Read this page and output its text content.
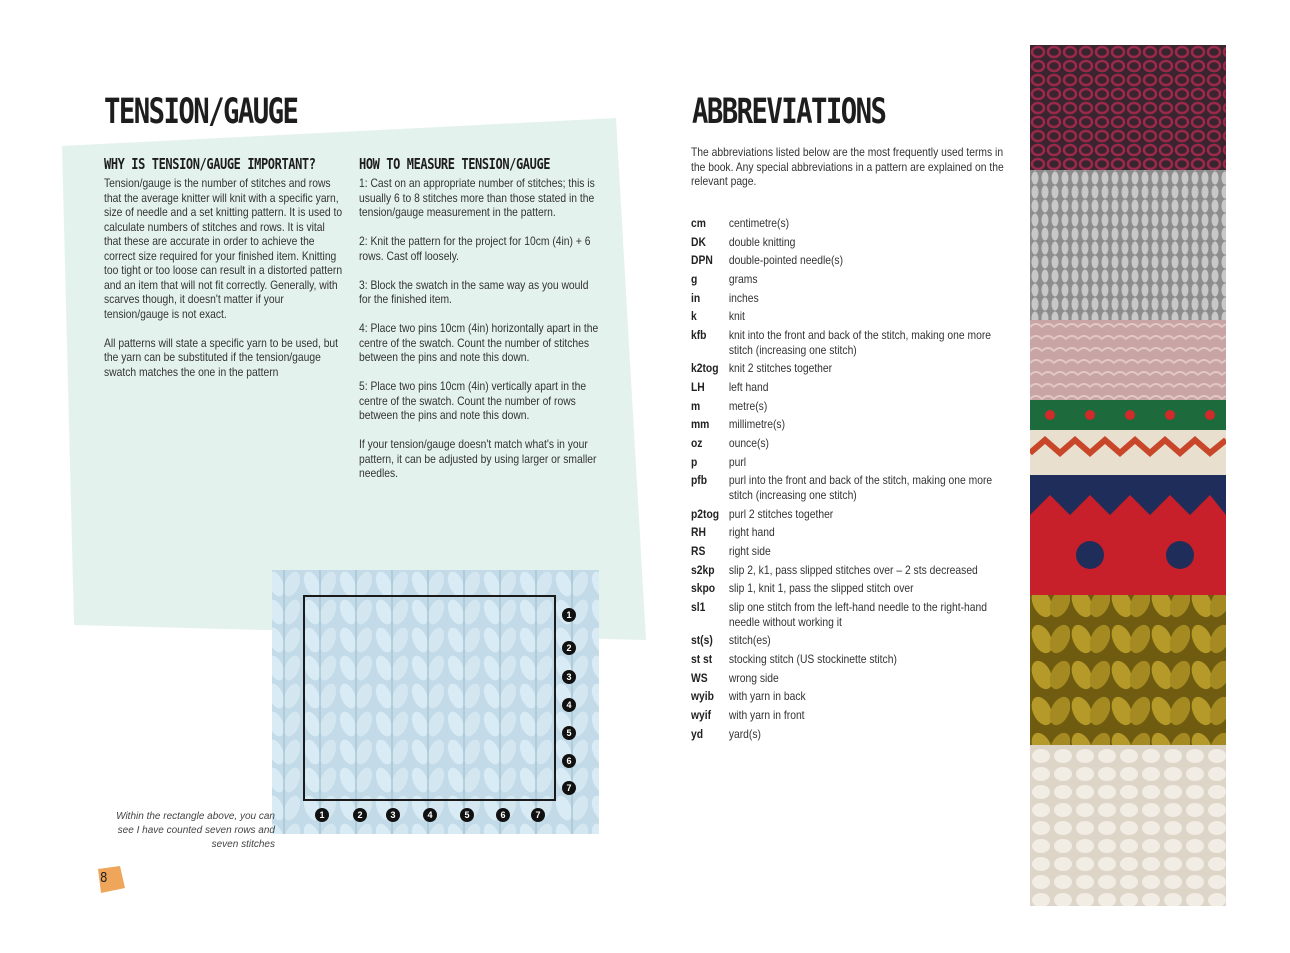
TENSION/GAUGE
WHY IS TENSION/GAUGE IMPORTANT?

Tension/gauge is the number of stitches and rows that the average knitter will knit with a specific yarn, size of needle and a set knitting pattern. It is used to calculate numbers of stitches and rows. It is vital that these are accurate in order to achieve the correct size required for your finished item. Knitting too tight or too loose can result in a distorted pattern and an item that will not fit correctly. Generally, with scarves though, it doesn't matter if your tension/gauge is not exact.

All patterns will state a specific yarn to be used, but the yarn can be substituted if the tension/gauge swatch matches the one in the pattern

HOW TO MEASURE TENSION/GAUGE

1: Cast on an appropriate number of stitches; this is usually 6 to 8 stitches more than those stated in the tension/gauge measurement in the pattern.

2: Knit the pattern for the project for 10cm (4in) + 6 rows. Cast off loosely.

3: Block the swatch in the same way as you would for the finished item.

4: Place two pins 10cm (4in) horizontally apart in the centre of the swatch. Count the number of stitches between the pins and note this down.

5: Place two pins 10cm (4in) vertically apart in the centre of the swatch. Count the number of rows between the pins and note this down.

If your tension/gauge doesn't match what's in your pattern, it can be adjusted by using larger or smaller needles.

1
2
3
4
5
6
7
1	2	3	4	5	6	7
Within the rectangle above, you can see I have counted seven rows and seven stitches
8
ABBREVIATIONS
The abbreviations listed below are the most frequently used terms in the book. Any special abbreviations in a pattern are explained on the relevant page.
cm	centimetre(s)
DK	double knitting
DPN	double-pointed needle(s)
g	grams
in	inches
k	knit
kfb	knit into the front and back of the stitch, making one more stitch (increasing one stitch)
k2tog knit 2 stitches together
LH	left hand
m	metre(s)
mm	millimetre(s)
oz	ounce(s)
p	purl
pfb	purl into the front and back of the stitch, making one more stitch (increasing one stitch)
p2tog purl 2 stitches together
RH	right hand
RS	right side
s2kp	slip 2, k1, pass slipped stitches over – 2 sts decreased
skpo	slip 1, knit 1, pass the slipped stitch over
sl1	slip one stitch from the left-hand needle to the right-hand needle without working it
st(s)	stitch(es)
st st	stocking stitch (US stockinette stitch)
WS	wrong side
wyib	with yarn in back
wyif	with yarn in front
yd	yard(s)
